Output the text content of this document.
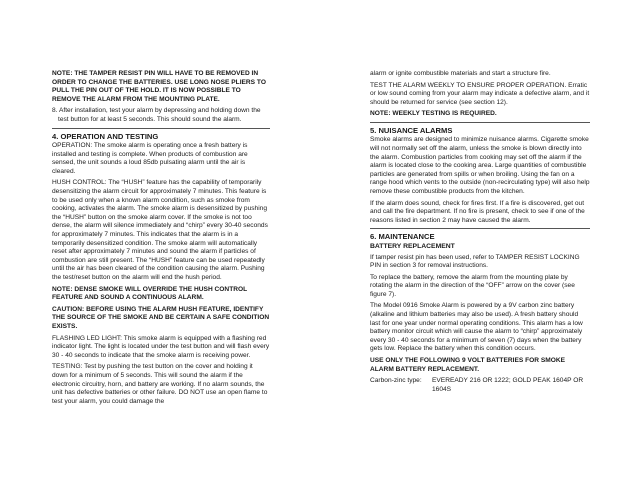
NOTE: THE TAMPER RESIST PIN WILL HAVE TO BE REMOVED IN ORDER TO CHANGE THE BATTERIES. USE LONG NOSE PLIERS TO PULL THE PIN OUT OF THE HOLD. IT IS NOW POSSIBLE TO REMOVE THE ALARM FROM THE MOUNTING PLATE.

8. After installation, test your alarm by depressing and holding down the test button for at least 5 seconds. This should sound the alarm.

4. OPERATION AND TESTING

OPERATION: The smoke alarm is operating once a fresh battery is installed and testing is complete. When products of combustion are sensed, the unit sounds a loud 85db pulsating alarm until the air is cleared.

HUSH CONTROL: The “HUSH” feature has the capability of temporarily desensitizing the alarm circuit for approximately 7 minutes. This feature is to be used only when a known alarm condition, such as smoke from cooking, activates the alarm. The smoke alarm is desensitized by pushing the “HUSH” button on the smoke alarm cover. If the smoke is not too dense, the alarm will silence immediately and “chirp” every 30-40 seconds for approximately 7 minutes. This indicates that the alarm is in a temporarily desensitized condition. The smoke alarm will automatically reset after approximately 7 minutes and sound the alarm if particles of combustion are still present. The “HUSH” feature can be used repeatedly until the air has been cleared of the condition causing the alarm. Pushing the test/reset button on the alarm will end the hush period.

NOTE: DENSE SMOKE WILL OVERRIDE THE HUSH CONTROL FEATURE AND SOUND A CONTINUOUS ALARM.

CAUTION: BEFORE USING THE ALARM HUSH FEATURE, IDENTIFY THE SOURCE OF THE SMOKE AND BE CERTAIN A SAFE CONDITION EXISTS.

FLASHING LED LIGHT: This smoke alarm is equipped with a flashing red indicator light. The light is located under the test button and will flash every 30 - 40 seconds to indicate that the smoke alarm is receiving power.

TESTING: Test by pushing the test button on the cover and holding it down for a minimum of 5 seconds. This will sound the alarm if the electronic circuitry, horn, and battery are working. If no alarm sounds, the unit has defective batteries or other failure. DO NOT use an open flame to test your alarm, you could damage the

alarm or ignite combustible materials and start a structure fire.

TEST THE ALARM WEEKLY TO ENSURE PROPER OPERATION. Erratic or low sound coming from your alarm may indicate a defective alarm, and it should be returned for service (see section 12).

NOTE: WEEKLY TESTING IS REQUIRED.

5. NUISANCE ALARMS

Smoke alarms are designed to minimize nuisance alarms. Cigarette smoke will not normally set off the alarm, unless the smoke is blown directly into the alarm. Combustion particles from cooking may set off the alarm if the alarm is located close to the cooking area. Large quantities of combustible particles are generated from spills or when broiling. Using the fan on a range hood which vents to the outside (non-recirculating type) will also help remove these combustible products from the kitchen.

If the alarm does sound, check for fires first. If a fire is discovered, get out and call the fire department. If no fire is present, check to see if one of the reasons listed in section 2 may have caused the alarm.

6. MAINTENANCE
BATTERY REPLACEMENT

If tamper resist pin has been used, refer to TAMPER RESIST LOCKING PIN in section 3 for removal instructions.

To replace the battery, remove the alarm from the mounting plate by rotating the alarm in the direction of the “OFF” arrow on the cover (see figure 7).

The Model 0916 Smoke Alarm is powered by a 9V carbon zinc battery (alkaline and lithium batteries may also be used). A fresh battery should last for one year under normal operating conditions. This alarm has a low battery monitor circuit which will cause the alarm to “chirp” approximately every 30 - 40 seconds for a minimum of seven (7) days when the battery gets low. Replace the battery when this condition occurs.

USE ONLY THE FOLLOWING 9 VOLT BATTERIES FOR SMOKE ALARM BATTERY REPLACEMENT.

Carbon-zinc type:	EVEREADY 216 OR 1222; GOLD PEAK 1604P OR 1604S
